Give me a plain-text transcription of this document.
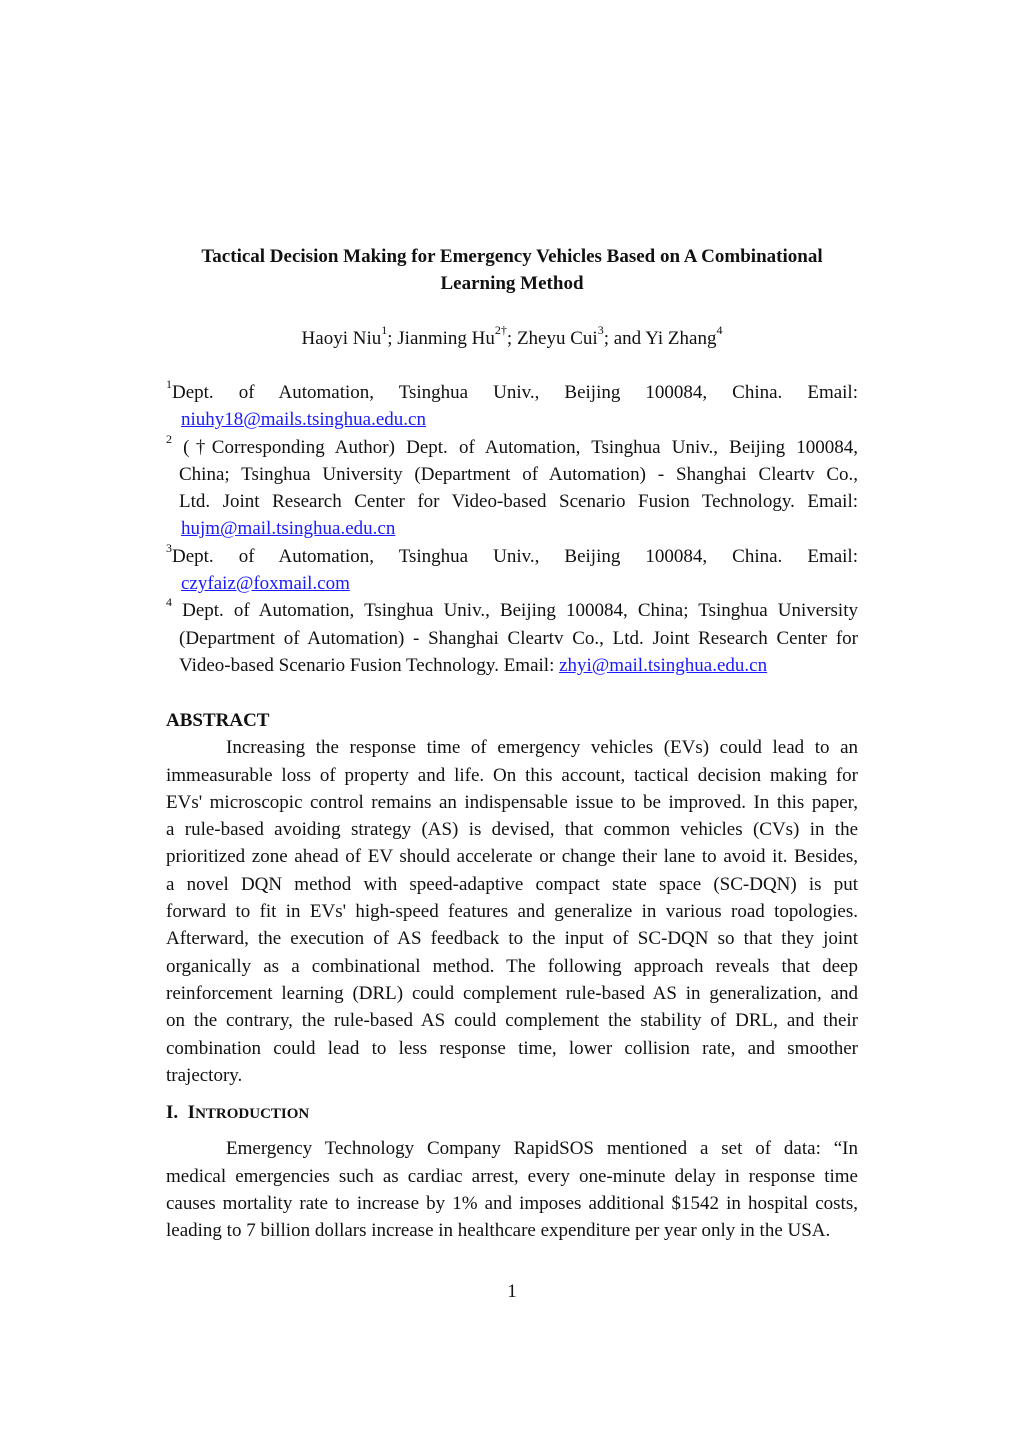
Tactical Decision Making for Emergency Vehicles Based on A Combinational
Learning Method
Haoyi Niu$^1$; Jianming $Hu^{2\dagger}$; Zheyu Cui$^3$; and Yi Zhang$^4$
$^1$Dept. of Automation, Tsinghua Univ., Beijing 100084, China. Email:
niuhy18@mails.tsinghua.edu.cn
$^2$ (†Corresponding Author) Dept. of Automation, Tsinghua Univ., Beijing 100084,
China; Tsinghua University (Department of Automation) - Shanghai Cleartv Co.,
Ltd. Joint Research Center for Video-based Scenario Fusion Technology. Email:
hujm@mail.tsinghua.edu.cn
$^3$Dept. of Automation, Tsinghua Univ., Beijing 100084, China. Email:
czyfaiz@foxmail.com
$^4$ Dept. of Automation, Tsinghua Univ., Beijing 100084, China; Tsinghua University
(Department of Automation) - Shanghai Cleartv Co., Ltd. Joint Research Center for
Video-based Scenario Fusion Technology. Email: zhyi@mail.tsinghua.edu.cn
ABSTRACT
Increasing the response time of emergency vehicles (EVs) could lead to an
immeasurable loss of property and life. On this account, tactical decision making for
EVs' microscopic control remains an indispensable issue to be improved. In this paper,
a rule-based avoiding strategy (AS) is devised, that common vehicles (CVs) in the
prioritized zone ahead of EV should accelerate or change their lane to avoid it. Besides,
a novel DQN method with speed-adaptive compact state space (SC-DQN) is put
forward to fit in EVs' high-speed features and generalize in various road topologies.
Afterward, the execution of AS feedback to the input of SC-DQN so that they joint
organically as a combinational method. The following approach reveals that deep
reinforcement learning (DRL) could complement rule-based AS in generalization, and
on the contrary, the rule-based AS could complement the stability of DRL, and their
combination could lead to less response time, lower collision rate, and smoother
trajectory.
I. INTRODUCTION
Emergency Technology Company RapidSOS mentioned a set of data: “In
medical emergencies such as cardiac arrest, every one-minute delay in response time
causes mortality rate to increase by 1% and imposes additional $1542 in hospital costs,
leading to 7 billion dollars increase in healthcare expenditure per year only in the USA.
1
